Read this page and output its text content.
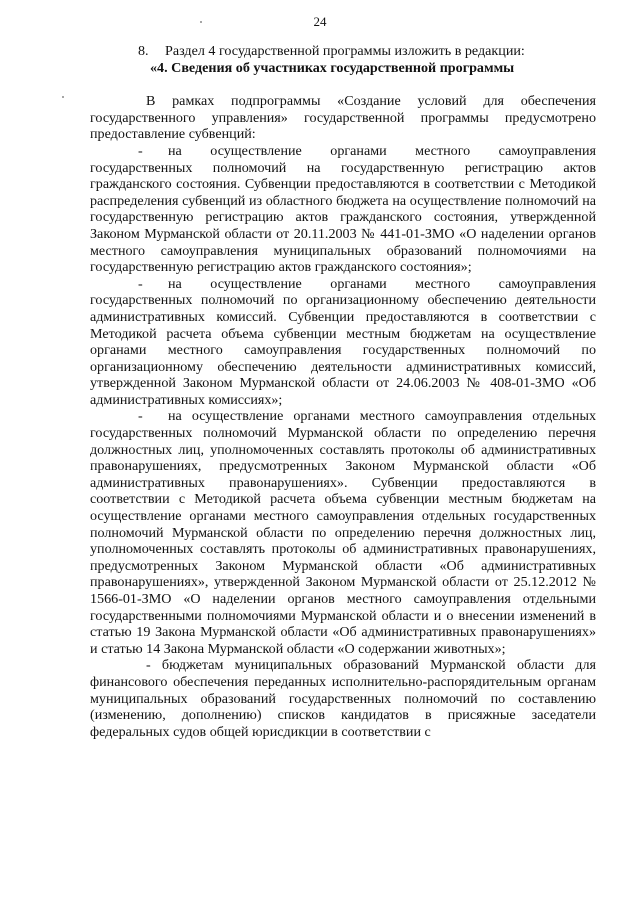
24

8. Раздел 4 государственной программы изложить в редакции:

«4. Сведения об участниках государственной программы

В рамках подпрограммы «Создание условий для обеспечения государственного управления» государственной программы предусмотрено предоставление субвенций:

- на осуществление органами местного самоуправления государственных полномочий на государственную регистрацию актов гражданского состояния. Субвенции предоставляются в соответствии с Методикой распределения субвенций из областного бюджета на осуществление полномочий на государственную регистрацию актов гражданского состояния, утвержденной Законом Мурманской области от 20.11.2003 № 441-01-ЗМО «О наделении органов местного самоуправления муниципальных образований полномочиями на государственную регистрацию актов гражданского состояния»;

- на осуществление органами местного самоуправления государственных полномочий по организационному обеспечению деятельности административных комиссий. Субвенции предоставляются в соответствии с Методикой расчета объема субвенции местным бюджетам на осуществление органами местного самоуправления государственных полномочий по организационному обеспечению деятельности административных комиссий, утвержденной Законом Мурманской области от 24.06.2003 № 408-01-ЗМО «Об административных комиссиях»;

- на осуществление органами местного самоуправления отдельных государственных полномочий Мурманской области по определению перечня должностных лиц, уполномоченных составлять протоколы об административных правонарушениях, предусмотренных Законом Мурманской области «Об административных правонарушениях». Субвенции предоставляются в соответствии с Методикой расчета объема субвенции местным бюджетам на осуществление органами местного самоуправления отдельных государственных полномочий Мурманской области по определению перечня должностных лиц, уполномоченных составлять протоколы об административных правонарушениях, предусмотренных Законом Мурманской области «Об административных правонарушениях», утвержденной Законом Мурманской области от 25.12.2012 № 1566-01-ЗМО «О наделении органов местного самоуправления отдельными государственными полномочиями Мурманской области и о внесении изменений в статью 19 Закона Мурманской области «Об административных правонарушениях» и статью 14 Закона Мурманской области «О содержании животных»;

- бюджетам муниципальных образований Мурманской области для финансового обеспечения переданных исполнительно-распорядительным органам муниципальных образований государственных полномочий по составлению (изменению, дополнению) списков кандидатов в присяжные заседатели федеральных судов общей юрисдикции в соответствии с
